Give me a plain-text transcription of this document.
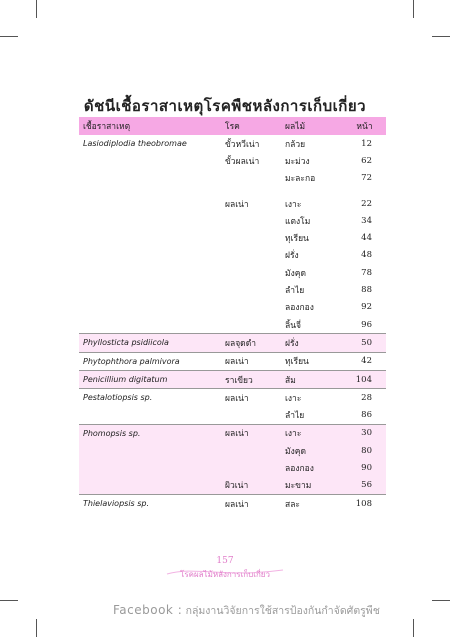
ดัชนีเชื้อราสาเหตุโรคพืชหลังการเก็บเกี่ยว
เชื้อราสาเหตุ	โรค	ผลไม้	หน้า
Lasiodiplodia theobromae	ขั้วหวีเน่า	กล้วย	12
	ขั้วผลเน่า	มะม่วง	62
		มะละกอ	72

	ผลเน่า	เงาะ	22
		แตงโม	34
		ทุเรียน	44
		ฝรั่ง	48
		มังคุด	78
		ลำไย	88
		ลองกอง	92
		ลิ้นจี่	96

Phyllosticta psidiicola	ผลจุดดำ	ฝรั่ง	50

Phytophthora palmivora	ผลเน่า	ทุเรียน	42

Penicillium digitatum	ราเขียว	ส้ม	104

Pestalotiopsis sp.	ผลเน่า	เงาะ	28
		ลำไย	86

Phomopsis sp.	ผลเน่า	เงาะ	30
		มังคุด	80
		ลองกอง	90
	ผิวเน่า	มะขาม	56

Thielaviopsis sp.	ผลเน่า	สละ	108
157
โรคผลไม้หลังการเก็บเกี่ยว
Facebook : กลุ่มงานวิจัยการใช้สารป้องกันกำจัดศัตรูพืช
